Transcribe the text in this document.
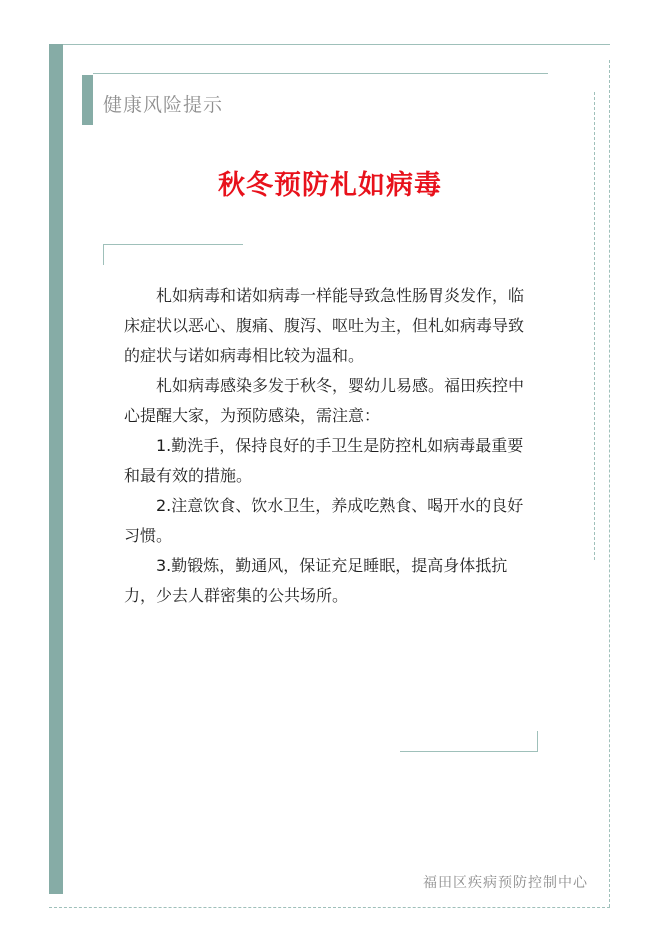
健康风险提示
秋冬预防札如病毒

札如病毒和诺如病毒一样能导致急性肠胃炎发作，临床症状以恶心、腹痛、腹泻、呕吐为主，但札如病毒导致的症状与诺如病毒相比较为温和。

札如病毒感染多发于秋冬，婴幼儿易感。福田疾控中心提醒大家，为预防感染，需注意：

1.勤洗手，保持良好的手卫生是防控札如病毒最重要和最有效的措施。

2.注意饮食、饮水卫生，养成吃熟食、喝开水的良好习惯。

3.勤锻炼，勤通风，保证充足睡眠，提高身体抵抗力，少去人群密集的公共场所。

福田区疾病预防控制中心
